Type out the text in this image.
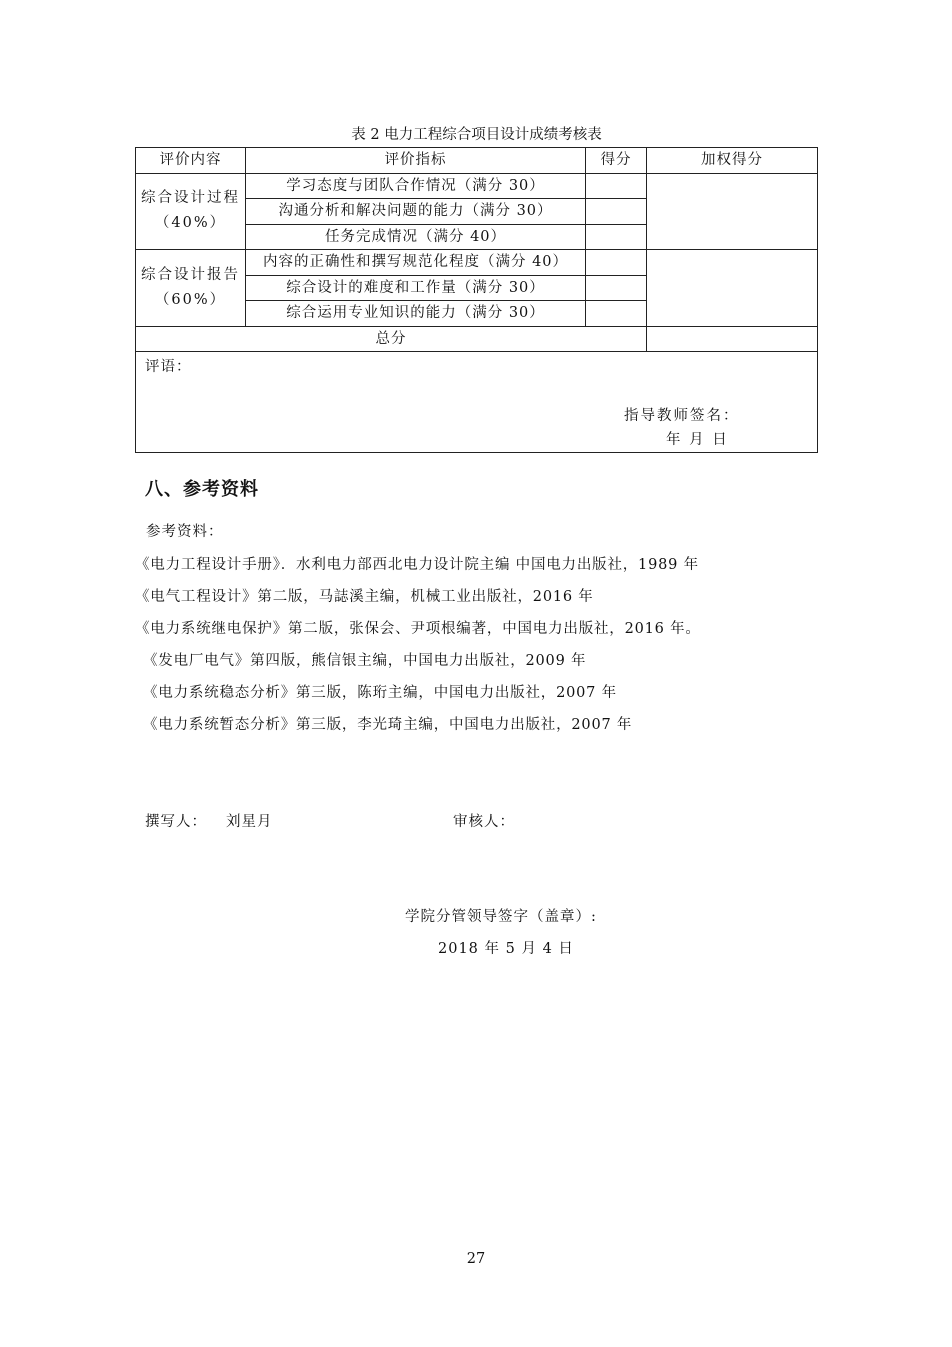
表 2 电力工程综合项目设计成绩考核表
评价内容	评价指标	得分	加权得分
综合设计过程（40%）	学习态度与团队合作情况（满分 30）		
	沟通分析和解决问题的能力（满分 30）		
	任务完成情况（满分 40）		
综合设计报告（60%）	内容的正确性和撰写规范化程度（满分 40）		
	综合设计的难度和工作量（满分 30）		
	综合运用专业知识的能力（满分 30）		
总分			

评语：
指导教师签名：
年 月 日			
八、参考资料
参考资料：
《电力工程设计手册》．水利电力部西北电力设计院主编 中国电力出版社，1989 年
《电气工程设计》第二版，马誌溪主编，机械工业出版社，2016 年
《电力系统继电保护》第二版，张保会、尹项根编著，中国电力出版社，2016 年。
《发电厂电气》第四版，熊信银主编，中国电力出版社，2009 年
《电力系统稳态分析》第三版，陈珩主编，中国电力出版社，2007 年
《电力系统暂态分析》第三版，李光琦主编，中国电力出版社，2007 年
撰写人： 刘星月	审核人：
学院分管领导签字（盖章）:
2018 年 5 月 4 日
27
